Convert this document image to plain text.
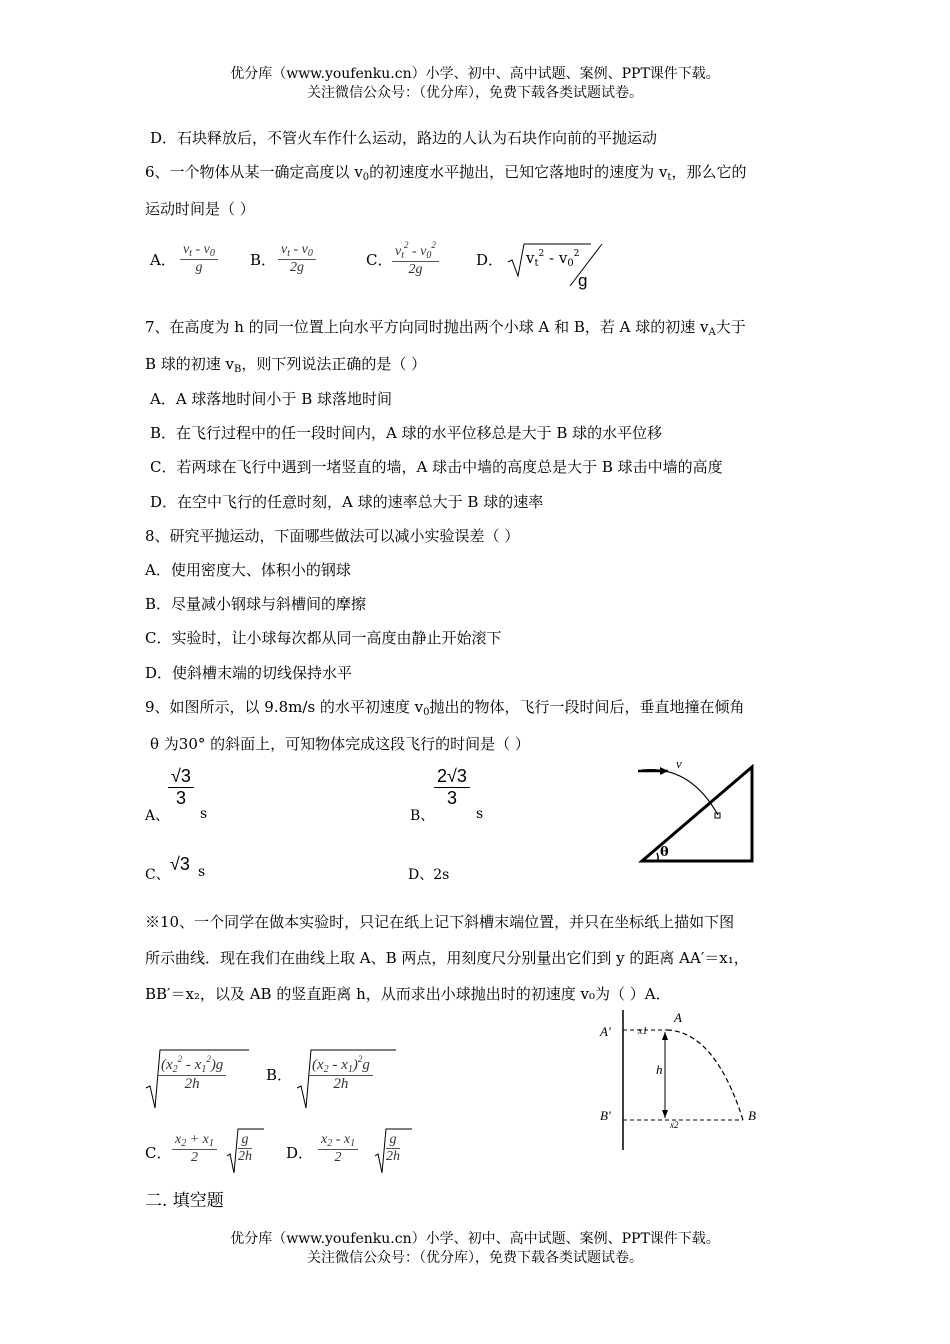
优分库（www.youfenku.cn）小学、初中、高中试题、案例、PPT课件下载。
关注微信公众号：（优分库），免费下载各类试题试卷。
D．石块释放后，不管火车作什么运动，路边的人认为石块作向前的平抛运动
6、一个物体从某一确定高度以 $v_0$的初速度水平抛出，已知它落地时的速度为 $v_t$，那么它的
运动时间是（ ）
A．
$v_t - v_0$
g	B．
$v_t - v_0$
2g	C． $v_t^2 - v_0^2$
2g
D． $v_t^2 - v_0^2$
g
7、在高度为 h 的同一位置上向水平方向同时抛出两个小球 A 和 B，若 A 球的初速 $v_A$大于
B 球的初速 $v_B$，则下列说法正确的是（ ）
A．A 球落地时间小于 B 球落地时间
B．在飞行过程中的任一段时间内，A 球的水平位移总是大于 B 球的水平位移
C．若两球在飞行中遇到一堵竖直的墙，A 球击中墙的高度总是大于 B 球击中墙的高度
D．在空中飞行的任意时刻，A 球的速率总大于 B 球的速率
8、研究平抛运动，下面哪些做法可以减小实验误差（ ）
A．使用密度大、体积小的钢球
B．尽量减小钢球与斜槽间的摩擦
C．实验时，让小球每次都从同一高度由静止开始滚下
D．使斜槽末端的切线保持水平
9、如图所示，以 9.8m/s 的水平初速度 $v_0$抛出的物体，飞行一段时间后，垂直地撞在倾角
θ 为30° 的斜面上，可知物体完成这段飞行的时间是（ ）
A、
√3
3
s	B、
2√3
3
s
C、
√3 s	D、2s
v
θ
※10、一个同学在做本实验时，只记在纸上记下斜槽末端位置，并只在坐标纸上描如下图
所示曲线．现在我们在曲线上取 A、B 两点，用刻度尺分别量出它们到 y 的距离 AA′＝x₁，
BB′＝x₂，以及 AB 的竖直距离 h，从而求出小球抛出时的初速度 v₀为（ ）A．
$(x_2^2 - x_1^2)g$
2h	B．
$(x_2 - x_1)^2g$
2h
C．
$x_2 + x_1$
2
g
2h D．
$x_2 - x_1$
2
g
2h
A
A′	x1
h
B′
x2
B
二. 填空题
优分库（www.youfenku.cn）小学、初中、高中试题、案例、PPT课件下载。
关注微信公众号：（优分库），免费下载各类试题试卷。
